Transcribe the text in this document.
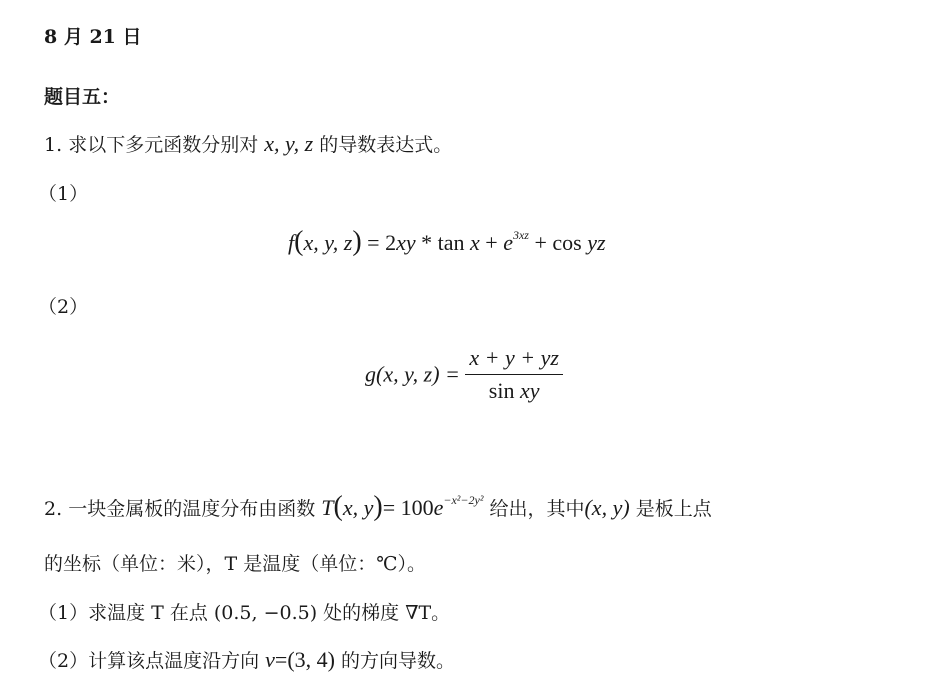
8 月 21 日
题目五：
1. 求以下多元函数分别对 x, y, z 的导数表达式。
（1）
f(x, y, $z) = 2xy * \tan x + e^{3xz} + \cos$ yz
（2）
g(x, y, $z) = \frac{x + y + yz}{\text{sin xy}}$
2. 一块金属板的温度分布由函数 T(x, $y)= 100e^{-x^2-2y^2}$ 给出，其中(x, y) 是板上点
的坐标（单位：米），T 是温度（单位：℃）。
（1）求温度 T 在点 (0.5, −0.5) 处的梯度 ∇T。
（2）计算该点温度沿方向 v=(3, 4) 的方向导数。
